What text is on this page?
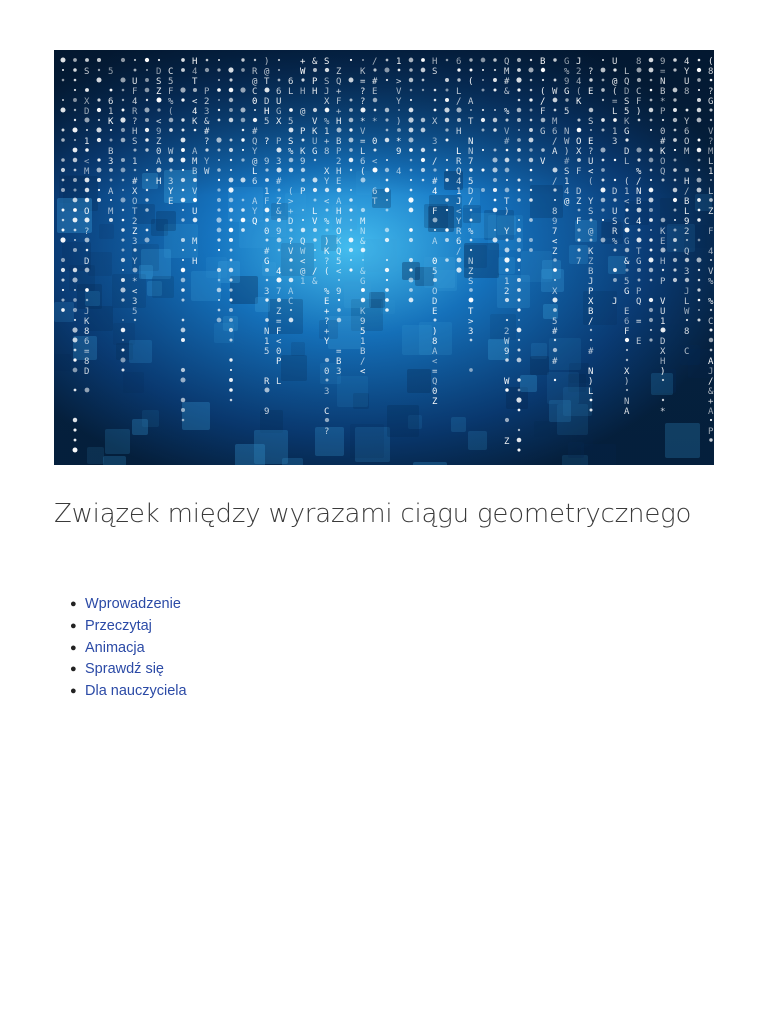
S
X
D
1
<
M
O
?
D
J
K
8
6
=
8
D
5
6
1
K
B
3
A
M
U
F
4
R
?
H
S
1
#
X
O
T
2
Z
3
Y
*
<
3
5
D
S
Z
<
9
Z
0
A
H
C
5
F
%
(
W
3
Y
E
H
4
T
<
4
K
A
M
B
V
U
M
H
P
2
3
&
#
?
Y
W
R
@
C
0
#
Q
Y
@
L
6
A
Y
Q
)
@
T
D
H
5
?
9
1
F
0
#
G
3
N
1
5
R
9
6
U
G
X
P
3
#
Z
&
9
4
7
Z
=
F
<
0
P
L
6
L
5
S
%
(
>
+
D
?
V
A
C
+
W
H
@
P
K
9
P
Q
W
<
@
1
&
P
H
V
K
U
G
L
V
/
&
S
S
J
X
%
1
+
8
X
Y
<
%
)
K
?
(
%
E
+
?
+
Y
0
3
C
?
Z
Q
+
F
+
H
B
P
2
H
E
A
H
W
O
K
Q
5
<
9
=
B
3
K
=
?
?
*
V
=
L
6
(
M
N
&
&
G
K
9
5
1
B
/
<
/
#
E
*
0
<
6
T
1
>
V
Y
)
*
9
4
H
S
X
3
/
#
4
F
A
0
5
O
D
E
)
8
A
<
=
Q
0
Z
6
L
/
H
L
R
Q
4
1
J
<
Y
R
6
/
(
A
T
N
N
7
5
D
/
%
N
Z
S
T
>
3
Q
M
#
&
%
V
#
T
)
Y
1
2
2
W
9
W
Z
B
(
/
F
G
V
W
M
6
/
A
/
8
9
7
<
Z
X
5
#
#
G
%
9
G
5
N
W
)
#
S
1
4
@
J
2
4
(
K
O
X
F
D
Z
F
7
?
E
S
E
?
U
<
(
Y
S
@
K
Z
B
J
P
X
B
/
#
N
)
L
U
@
(
=
L
1
3
D
U
S
R
%
J
L
Q
D
S
5
K
G
D
L
(
1
<
C
G
&
5
G
E
6
F
X
)
N
A
8
C
F
)
%
/
N
B
4
T
G
P
Q
=
E
9
=
N
B
*
P
0
#
K
O
Q
K
E
H
P
V
U
1
D
X
H
)
*
4
Y
U
8
Y
6
O
M
H
/
B
L
9
2
Q
3
J
L
W
8
C
(
8
?
G
V
?
M
L
1
L
Z
F
4
V
%
%
C
A
J
/
&
+
A
P
Związek między wyrazami ciągu geometrycznego
● Wprowadzenie
● Przeczytaj
● Animacja
● Sprawdź się
● Dla nauczyciela
